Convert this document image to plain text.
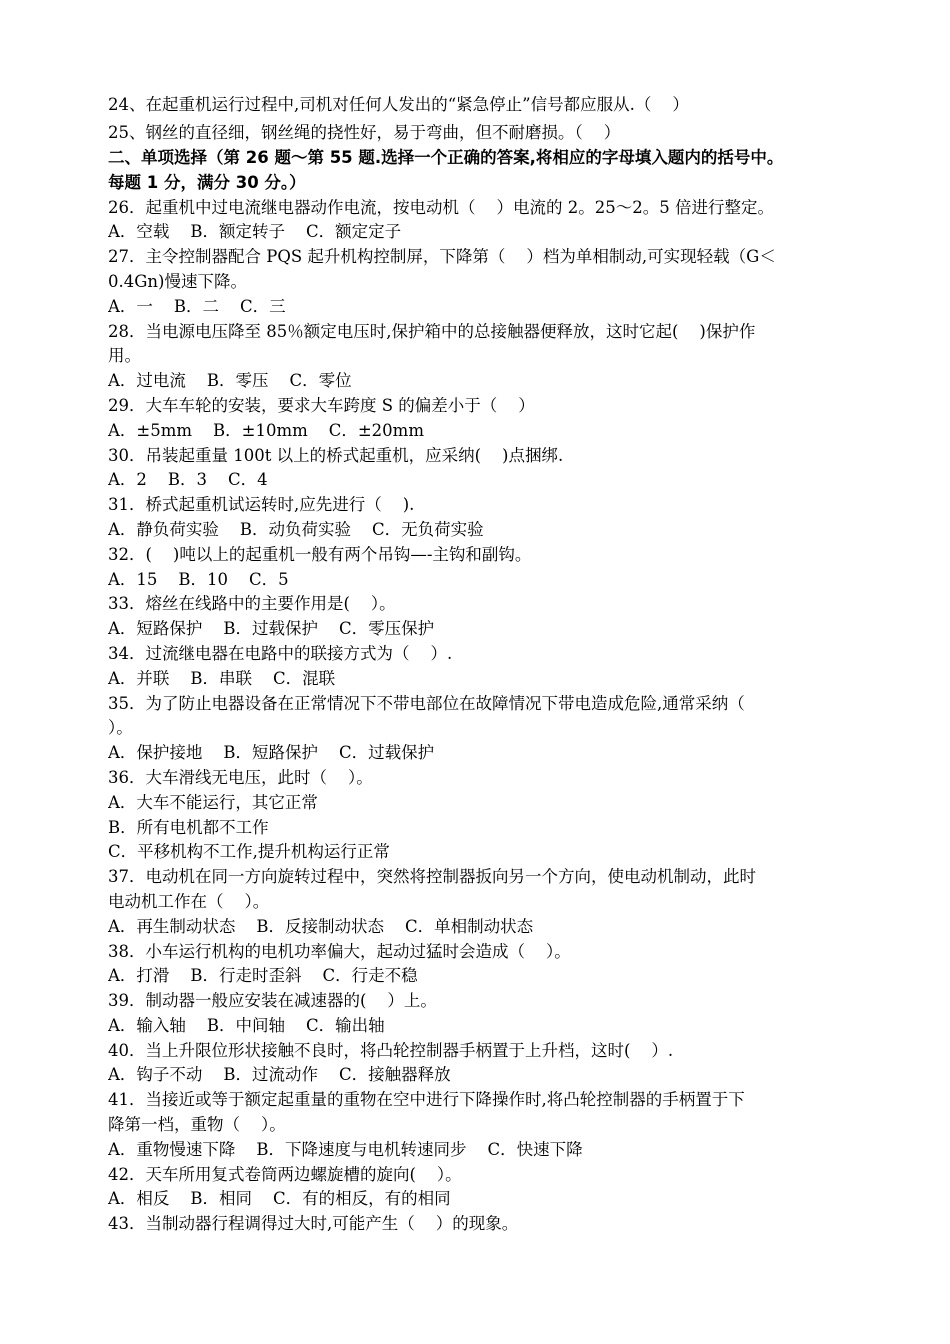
24、在起重机运行过程中,司机对任何人发出的“紧急停止”信号都应服从.（    ）
25、钢丝的直径细，钢丝绳的挠性好，易于弯曲，但不耐磨损。（    ）
二、单项选择（第 26 题～第 55 题.选择一个正确的答案,将相应的字母填入题内的括号中。
每题 1 分，满分 30 分。）
26．起重机中过电流继电器动作电流，按电动机（    ）电流的 2。25～2。5 倍进行整定。
A．空载    B．额定转子    C．额定定子
27．主令控制器配合 PQS 起升机构控制屏，下降第（    ）档为单相制动,可实现轻载（G＜
0.4Gn)慢速下降。
A．一    B．二    C．三
28．当电源电压降至 85％额定电压时,保护箱中的总接触器便释放，这时它起(    )保护作
用。
A．过电流    B．零压    C．零位
29．大车车轮的安装，要求大车跨度 S 的偏差小于（    ）
A．±5mm    B．±10mm    C．±20mm
30．吊装起重量 100t 以上的桥式起重机，应采纳(    )点捆绑.
A．2    B．3    C．4
31．桥式起重机试运转时,应先进行（    ).
A．静负荷实验    B．动负荷实验    C．无负荷实验
32．(    )吨以上的起重机一般有两个吊钩—-主钩和副钩。
A．15    B．10    C．5
33．熔丝在线路中的主要作用是(    ）。
A．短路保护    B．过载保护    C．零压保护
34．过流继电器在电路中的联接方式为（    ）.
A．并联    B．串联    C．混联
35．为了防止电器设备在正常情况下不带电部位在故障情况下带电造成危险,通常采纳（
）。
A．保护接地    B．短路保护    C．过载保护
36．大车滑线无电压，此时（    ）。
A．大车不能运行，其它正常
B．所有电机都不工作
C．平移机构不工作,提升机构运行正常
37．电动机在同一方向旋转过程中，突然将控制器扳向另一个方向，使电动机制动，此时
电动机工作在（    ）。
A．再生制动状态    B．反接制动状态    C．单相制动状态
38．小车运行机构的电机功率偏大，起动过猛时会造成（    ）。
A．打滑    B．行走时歪斜    C．行走不稳
39．制动器一般应安装在减速器的(    ）上。
A．输入轴    B．中间轴    C．输出轴
40．当上升限位形状接触不良时，将凸轮控制器手柄置于上升档，这时(    ）.
A．钩子不动    B．过流动作    C．接触器释放
41．当接近或等于额定起重量的重物在空中进行下降操作时,将凸轮控制器的手柄置于下
降第一档，重物（    ）。
A．重物慢速下降    B．下降速度与电机转速同步    C．快速下降
42．天车所用复式卷筒两边螺旋槽的旋向(    ）。
A．相反    B．相同    C．有的相反，有的相同
43．当制动器行程调得过大时,可能产生（    ）的现象。
